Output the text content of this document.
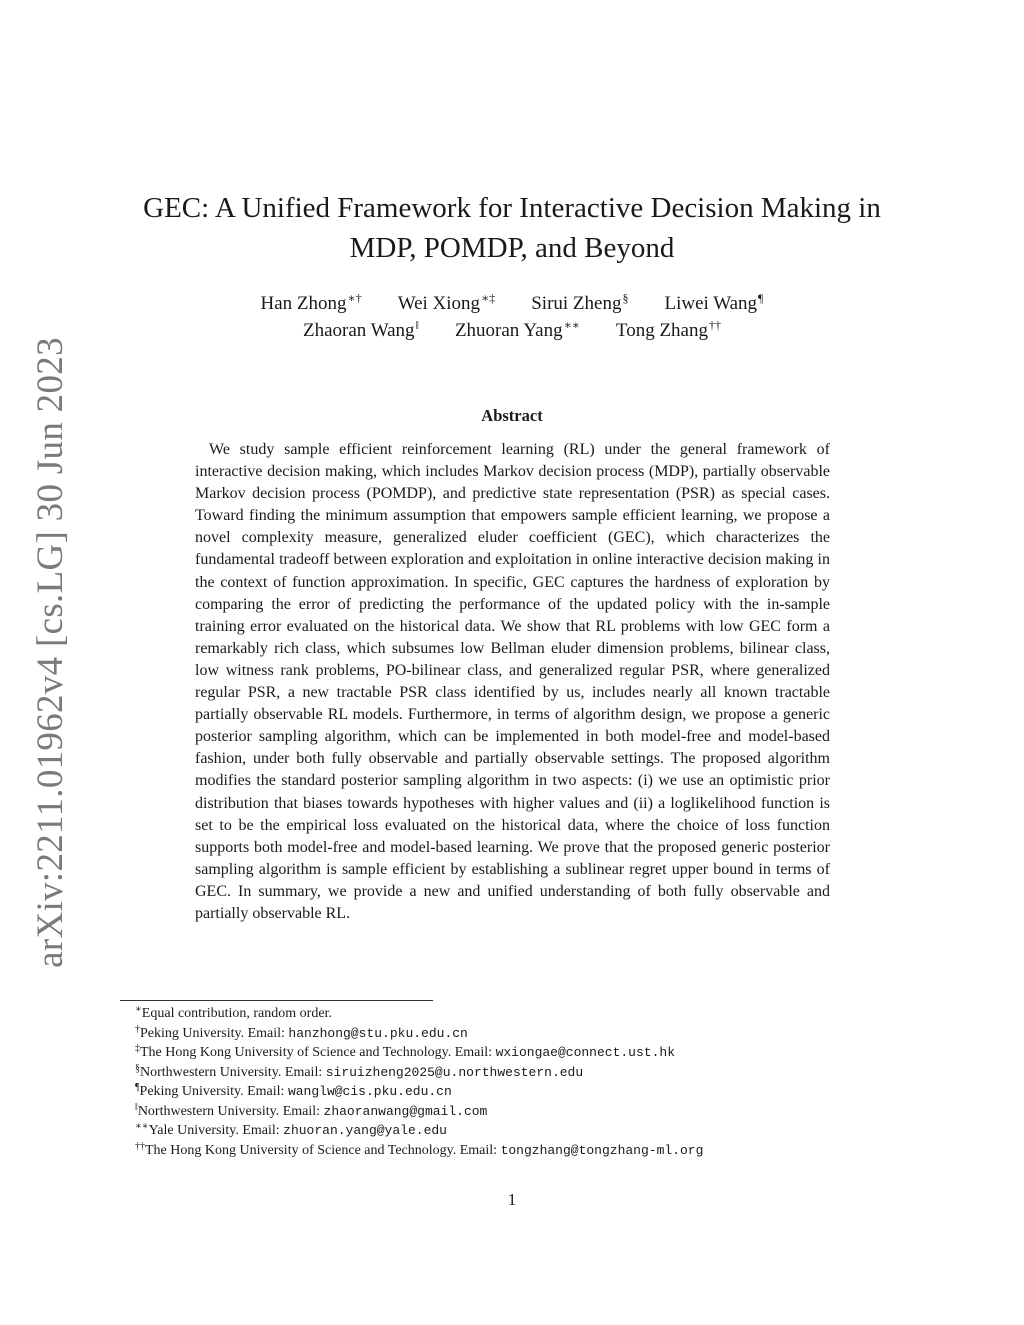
arXiv:2211.01962v4 [cs.LG] 30 Jun 2023
GEC: A Unified Framework for Interactive Decision Making in MDP, POMDP, and Beyond
Han Zhong∗† Wei Xiong∗‡ Sirui Zheng§ Liwei Wang¶
Zhaoran Wang‖ Zhuoran Yang∗∗ Tong Zhang††
Abstract

We study sample efficient reinforcement learning (RL) under the general framework of interactive decision making, which includes Markov decision process (MDP), partially observable Markov decision process (POMDP), and predictive state representation (PSR) as special cases. Toward finding the minimum assumption that empowers sample efficient learning, we propose a novel complexity measure, generalized eluder coefficient (GEC), which characterizes the fundamental tradeoff between exploration and exploitation in online interactive decision making in the context of function approximation. In specific, GEC captures the hardness of exploration by comparing the error of predicting the performance of the updated policy with the in-sample training error evaluated on the historical data. We show that RL problems with low GEC form a remarkably rich class, which subsumes low Bellman eluder dimension problems, bilinear class, low witness rank problems, PO-bilinear class, and generalized regular PSR, where generalized regular PSR, a new tractable PSR class identified by us, includes nearly all known tractable partially observable RL models. Furthermore, in terms of algorithm design, we propose a generic posterior sampling algorithm, which can be implemented in both model-free and model-based fashion, under both fully observable and partially observable settings. The proposed algorithm modifies the standard posterior sampling algorithm in two aspects: (i) we use an optimistic prior distribution that biases towards hypotheses with higher values and (ii) a loglikelihood function is set to be the empirical loss evaluated on the historical data, where the choice of loss function supports both model-free and model-based learning. We prove that the proposed generic posterior sampling algorithm is sample efficient by establishing a sublinear regret upper bound in terms of GEC. In summary, we provide a new and unified understanding of both fully observable and partially observable RL.

∗Equal contribution, random order.
†Peking University. Email: hanzhong@stu.pku.edu.cn
‡The Hong Kong University of Science and Technology. Email: wxiongae@connect.ust.hk
§Northwestern University. Email: siruizheng2025@u.northwestern.edu
¶Peking University. Email: wanglw@cis.pku.edu.cn
‖Northwestern University. Email: zhaoranwang@gmail.com
∗∗Yale University. Email: zhuoran.yang@yale.edu
††The Hong Kong University of Science and Technology. Email: tongzhang@tongzhang-ml.org
1
